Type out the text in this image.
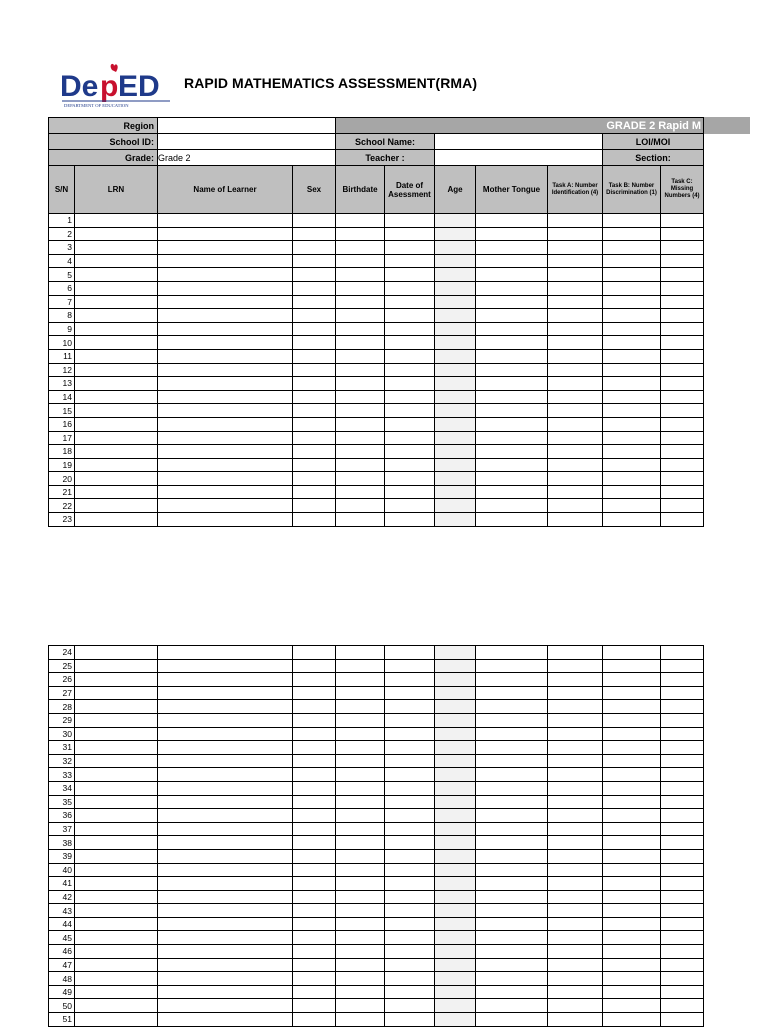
De p ED
DEPARTMENT OF EDUCATION
RAPID MATHEMATICS ASSESSMENT(RMA)
Region				GRADE 2 Rapid M						
School ID:				School Name:					LOI/MOI	
Grade:		Grade 2		Teacher :					Section:	
S/N	LRN	Name of Learner	Sex	Birthdate	Date of Asessment	Age	Mother Tongue	Task A: Number Identification (4)	Task B: Number Discrimination (1)	Task C: Missing Numbers (4)
1										
2										
3										
4										
5										
6										
7										
8										
9										
10										
11										
12										
13										
14										
15										
16										
17										
18										
19										
20										
21										
22										
23										
24										
25										
26										
27										
28										
29										
30										
31										
32										
33										
34										
35										
36										
37										
38										
39										
40										
41										
42										
43										
44										
45										
46										
47										
48										
49										
50										
51										
